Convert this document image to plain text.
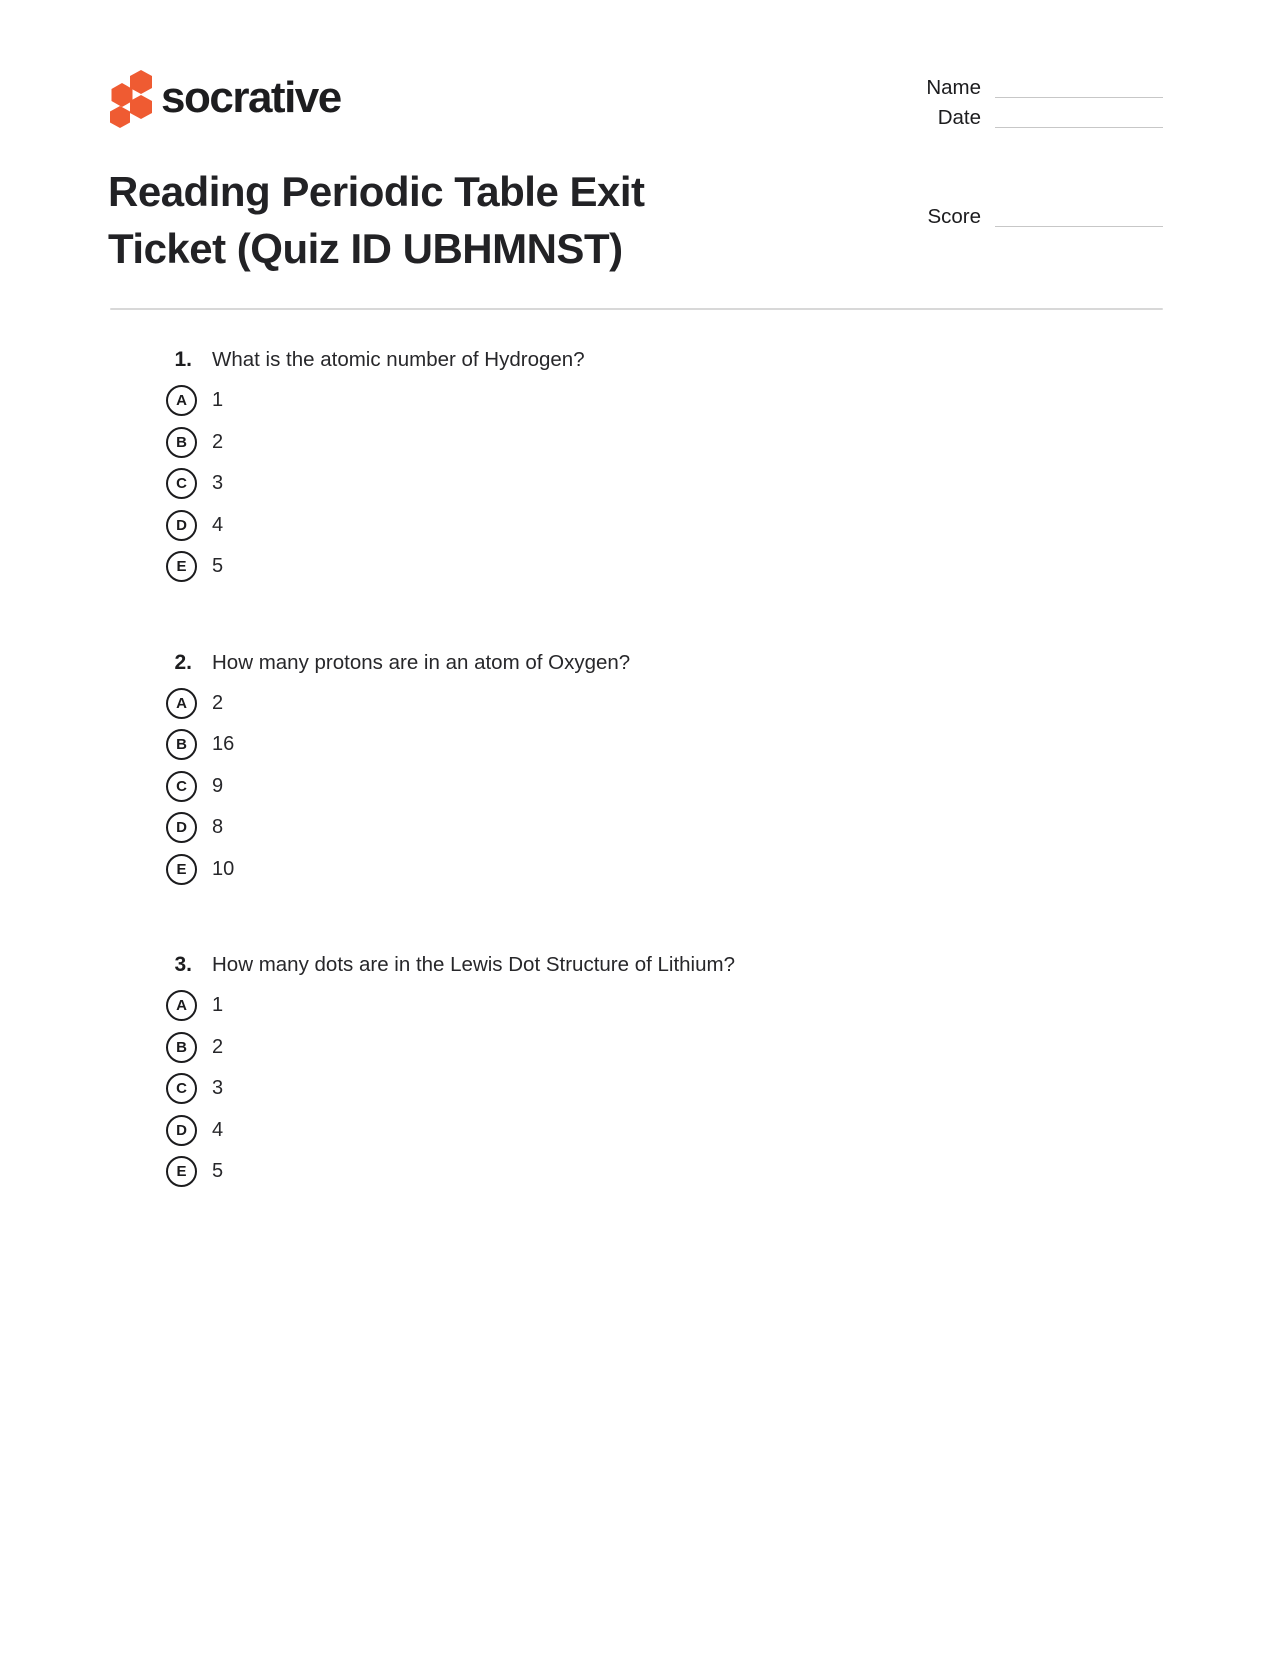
socrative	Name
Date
Score
Reading Periodic Table Exit
Ticket (Quiz ID UBHMNST)
1. What is the atomic number of Hydrogen?
A 1
B 2
C 3
D 4
E 5
2. How many protons are in an atom of Oxygen?
A 2
B 16
C 9
D 8
E 10
3. How many dots are in the Lewis Dot Structure of Lithium?
A 1
B 2
C 3
D 4
E 5
